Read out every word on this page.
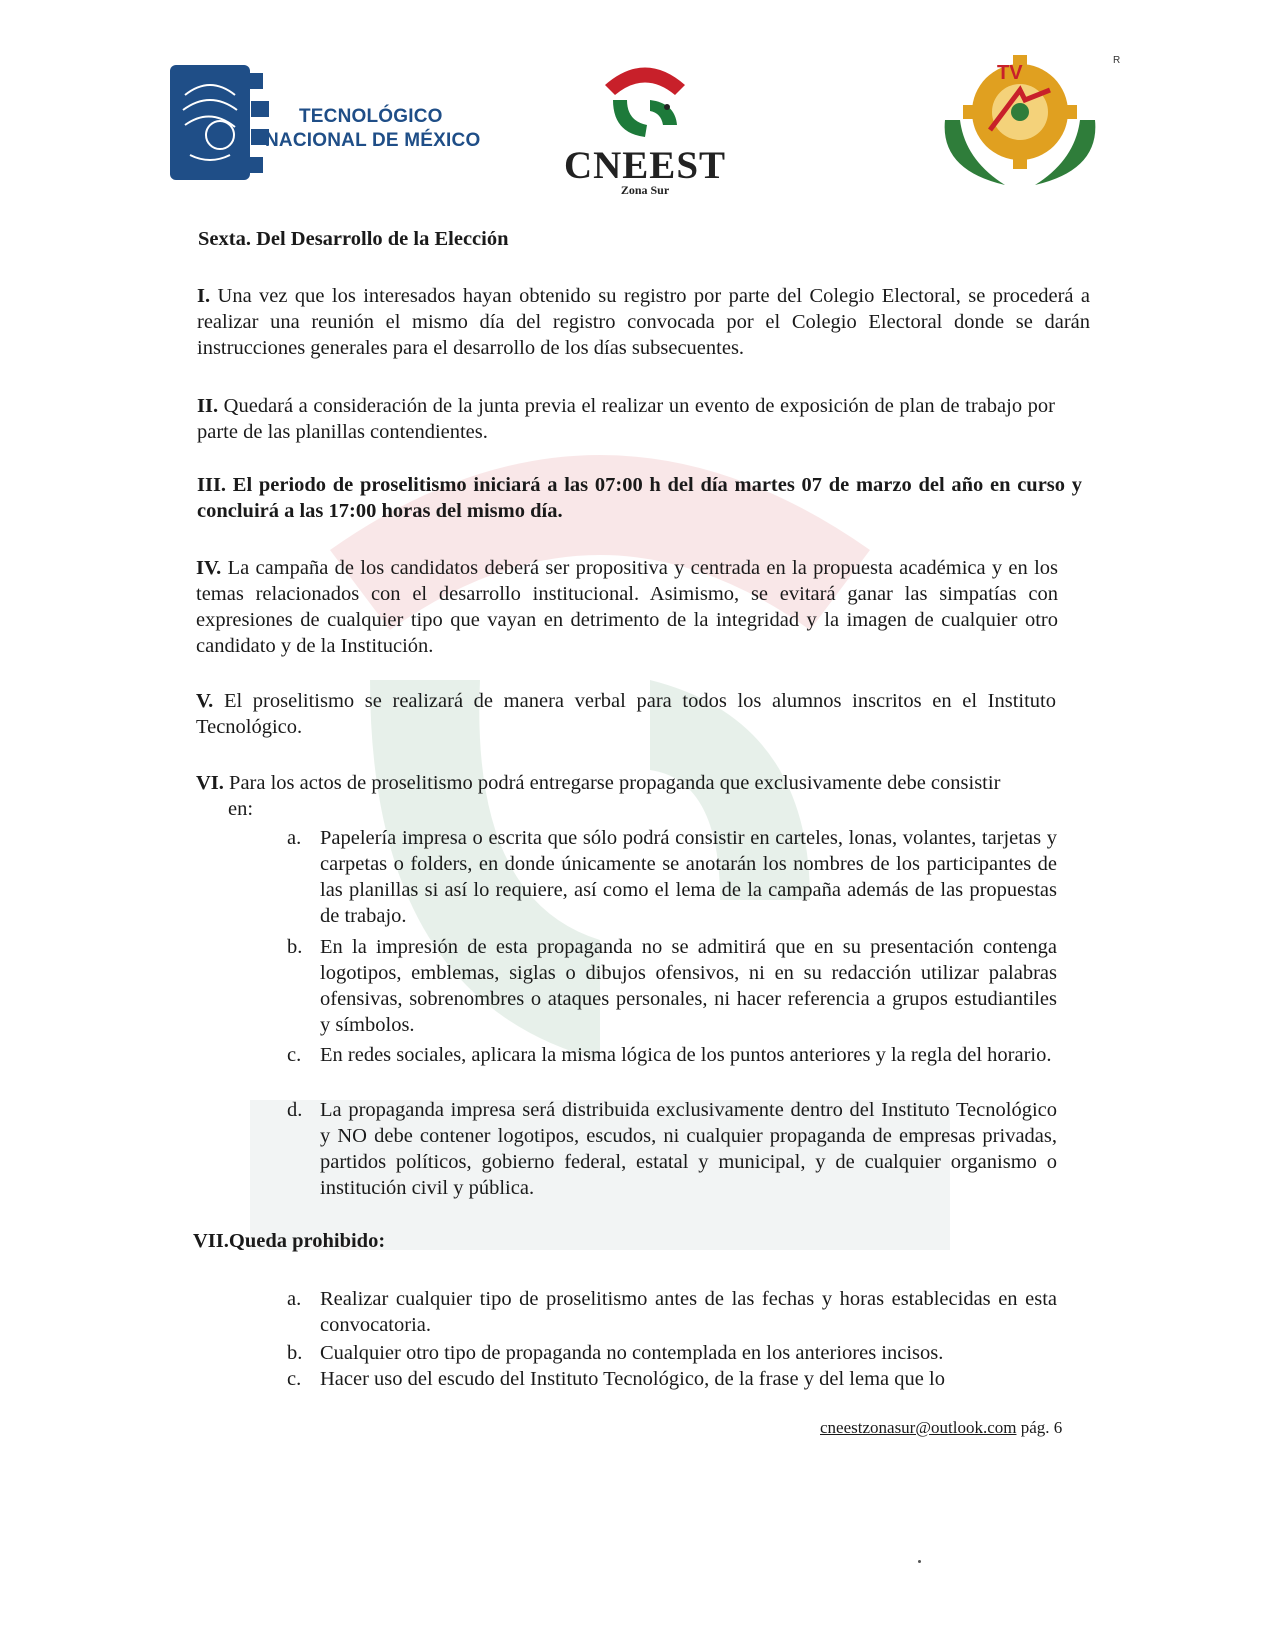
TECNOLÓGICO
NACIONAL DE MÉXICO
CNEEST
Zona Sur
TV
R
Sexta. Del Desarrollo de la Elección
I. Una vez que los interesados hayan obtenido su registro por parte del Colegio Electoral, se procederá a realizar una reunión el mismo día del registro convocada por el Colegio Electoral donde se darán instrucciones generales para el desarrollo de los días subsecuentes.
II. Quedará a consideración de la junta previa el realizar un evento de exposición de plan de trabajo por parte de las planillas contendientes.
III. El periodo de proselitismo iniciará a las 07:00 h del día martes 07 de marzo del año en curso y concluirá a las 17:00 horas del mismo día.
IV. La campaña de los candidatos deberá ser propositiva y centrada en la propuesta académica y en los temas relacionados con el desarrollo institucional. Asimismo, se evitará ganar las simpatías con expresiones de cualquier tipo que vayan en detrimento de la integridad y la imagen de cualquier otro candidato y de la Institución.
V. El proselitismo se realizará de manera verbal para todos los alumnos inscritos en el Instituto Tecnológico.
VI. Para los actos de proselitismo podrá entregarse propaganda que exclusivamente debe consistir
en:
a. Papelería impresa o escrita que sólo podrá consistir en carteles, lonas, volantes, tarjetas y carpetas o folders, en donde únicamente se anotarán los nombres de los participantes de las planillas si así lo requiere, así como el lema de la campaña además de las propuestas de trabajo.
b. En la impresión de esta propaganda no se admitirá que en su presentación contenga logotipos, emblemas, siglas o dibujos ofensivos, ni en su redacción utilizar palabras ofensivas, sobrenombres o ataques personales, ni hacer referencia a grupos estudiantiles y símbolos.
c. En redes sociales, aplicara la misma lógica de los puntos anteriores y la regla del horario.
d. La propaganda impresa será distribuida exclusivamente dentro del Instituto Tecnológico y NO debe contener logotipos, escudos, ni cualquier propaganda de empresas privadas, partidos políticos, gobierno federal, estatal y municipal, y de cualquier organismo o institución civil y pública.
VII.Queda prohibido:
a. Realizar cualquier tipo de proselitismo antes de las fechas y horas establecidas en esta convocatoria.
b. Cualquier otro tipo de propaganda no contemplada en los anteriores incisos.
c. Hacer uso del escudo del Instituto Tecnológico, de la frase y del lema que lo
cneestzonasur@outlook.com pág. 6
